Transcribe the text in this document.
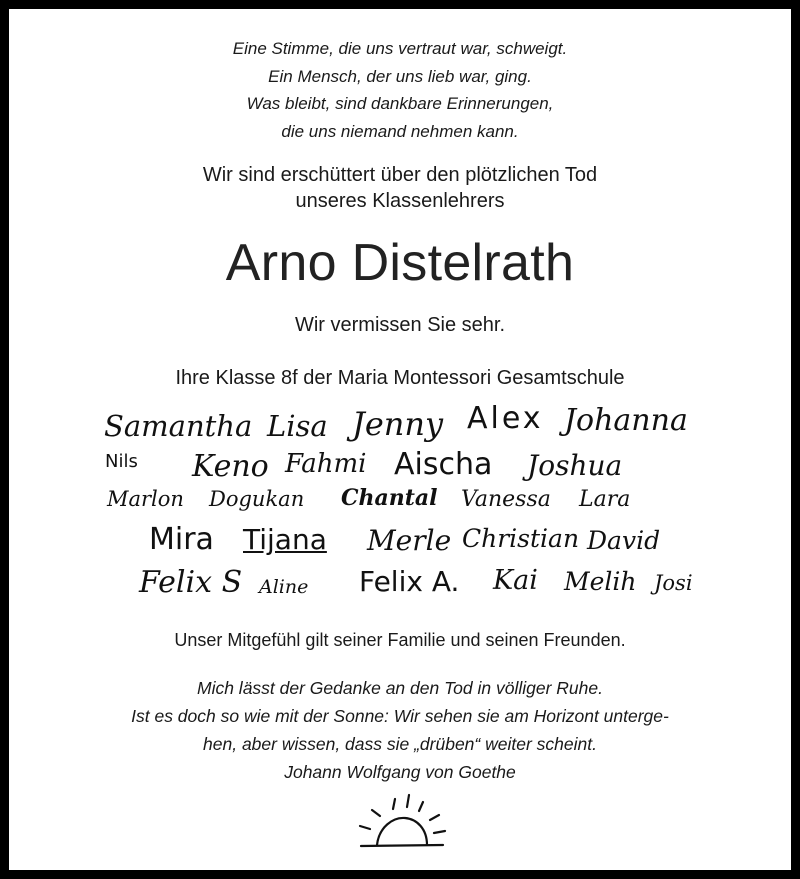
Eine Stimme, die uns vertraut war, schweigt.
Ein Mensch, der uns lieb war, ging.
Was bleibt, sind dankbare Erinnerungen,
die uns niemand nehmen kann.
Wir sind erschüttert über den plötzlichen Tod
unseres Klassenlehrers
Arno Distelrath
Wir vermissen Sie sehr.
Ihre Klasse 8f der Maria Montessori Gesamtschule
Samantha Lisa Jenny Alex Johanna
Nils Keno Fahmi Aischa Joshua
Marlon Dogukan Chantal Vanessa Lara
Mira Tijana Merle Christian David
Felix S Aline Felix A. Kai Melih Josi
Unser Mitgefühl gilt seiner Familie und seinen Freunden.
Mich lässt der Gedanke an den Tod in völliger Ruhe.
Ist es doch so wie mit der Sonne: Wir sehen sie am Horizont unterge-
hen, aber wissen, dass sie „drüben“ weiter scheint.
Johann Wolfgang von Goethe
